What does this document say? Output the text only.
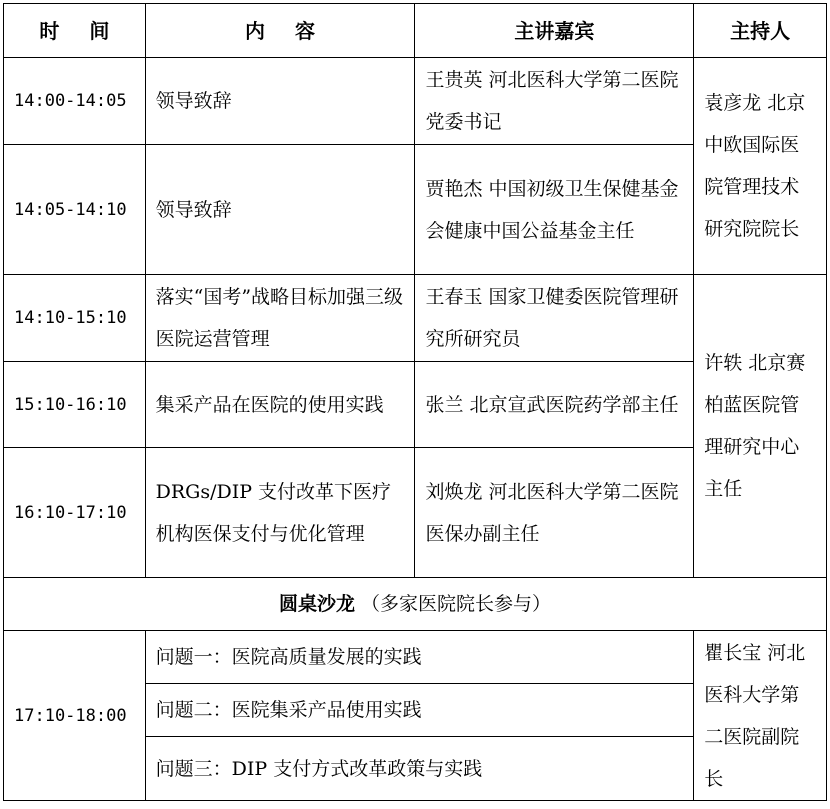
时 间	内 容	主讲嘉宾	主持人
14:00-14:05	领导致辞	王贵英 河北医科大学第二医院党委书记	袁彦龙 北京中欧国际医院管理技术研究院院长
14:05-14:10	领导致辞	贾艳杰 中国初级卫生保健基金会健康中国公益基金主任	
14:10-15:10	落实“国考”战略目标加强三级医院运营管理	王春玉 国家卫健委医院管理研究所研究员	许轶 北京赛柏蓝医院管理研究中心主任
15:10-16:10	集采产品在医院的使用实践	张兰 北京宣武医院药学部主任	
16:10-17:10	DRGs/DIP 支付改革下医疗机构医保支付与优化管理	刘焕龙 河北医科大学第二医院医保办副主任	
圆桌沙龙 （多家医院院长参与）			
17:10-18:00	问题一：医院高质量发展的实践		瞿长宝 河北医科大学第二医院副院长
	问题二：医院集采产品使用实践		
	问题三：DIP 支付方式改革政策与实践		
